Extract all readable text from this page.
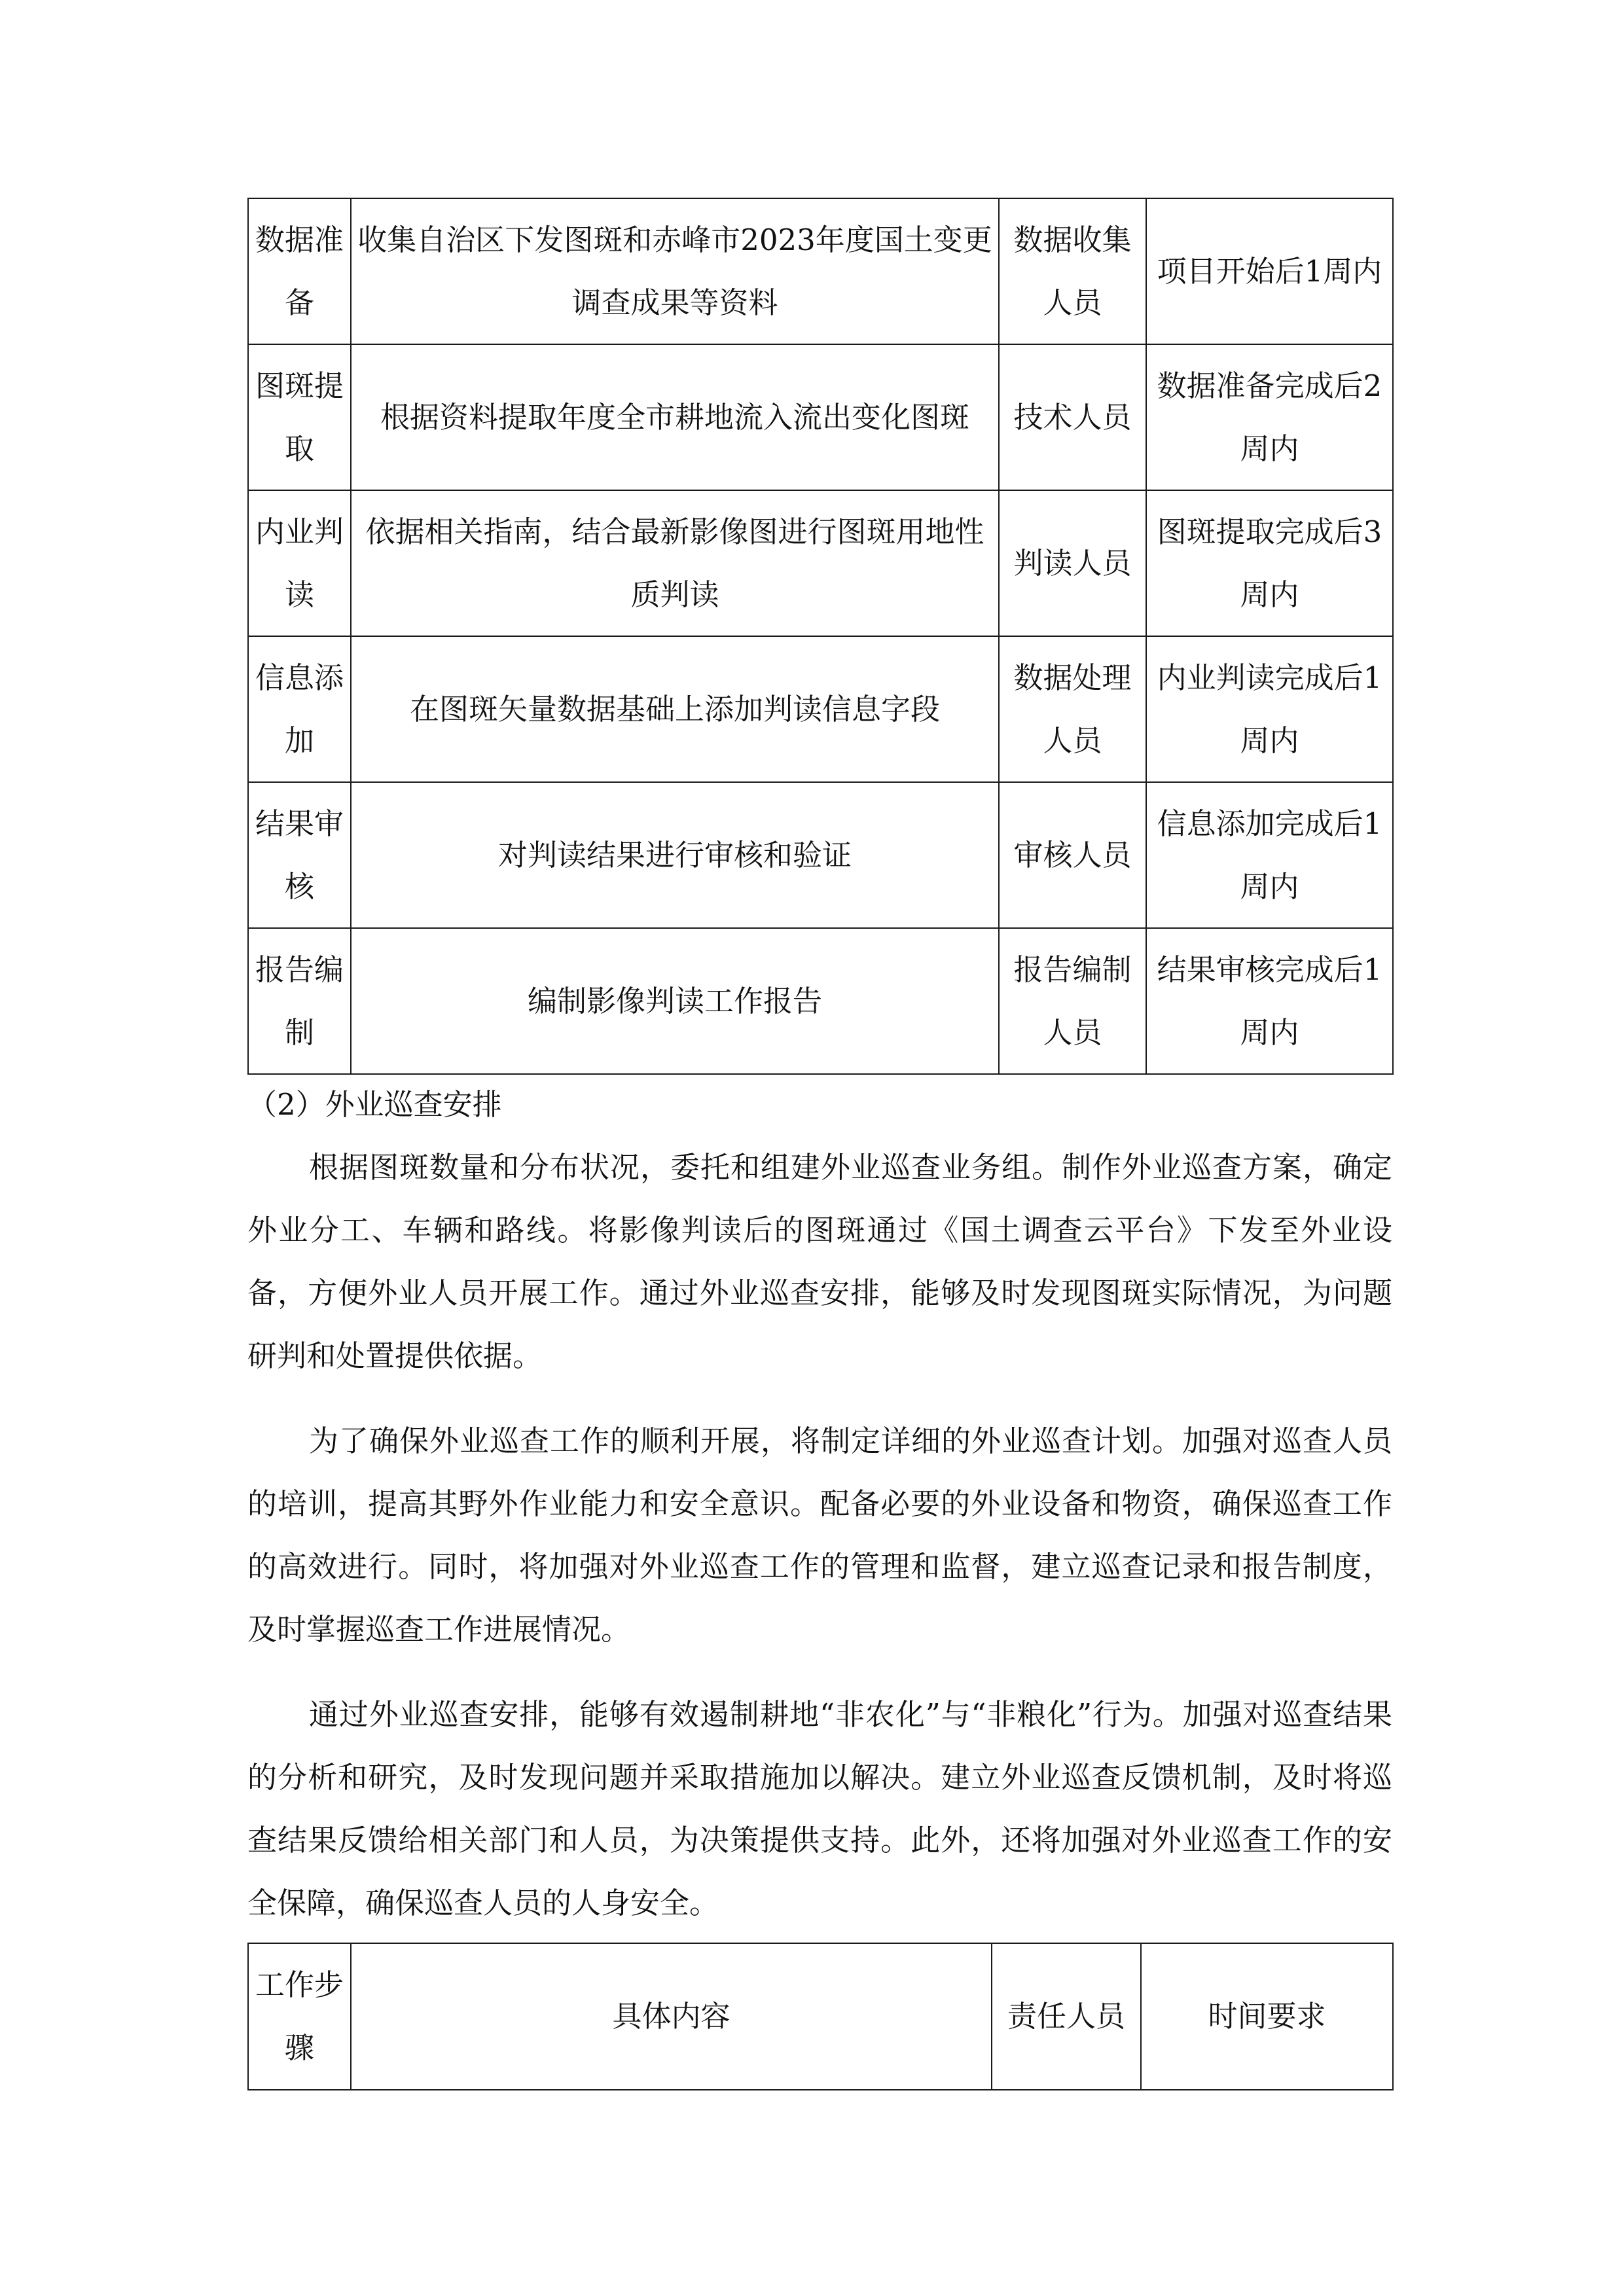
数据准备	收集自治区下发图斑和赤峰市2023年度国土变更调查成果等资料	数据收集人员	项目开始后1周内
图斑提取	根据资料提取年度全市耕地流入流出变化图斑	技术人员	数据准备完成后2周内
内业判读	依据相关指南，结合最新影像图进行图斑用地性质判读	判读人员	图斑提取完成后3周内
信息添加	在图斑矢量数据基础上添加判读信息字段	数据处理人员	内业判读完成后1周内
结果审核	对判读结果进行审核和验证	审核人员	信息添加完成后1周内
报告编制	编制影像判读工作报告	报告编制人员	结果审核完成后1周内
（2）外业巡查安排

根据图斑数量和分布状况，委托和组建外业巡查业务组。制作外业巡查方案，确定外业分工、车辆和路线。将影像判读后的图斑通过《国土调查云平台》下发至外业设备，方便外业人员开展工作。通过外业巡查安排，能够及时发现图斑实际情况，为问题研判和处置提供依据。

为了确保外业巡查工作的顺利开展，将制定详细的外业巡查计划。加强对巡查人员的培训，提高其野外作业能力和安全意识。配备必要的外业设备和物资，确保巡查工作的高效进行。同时，将加强对外业巡查工作的管理和监督，建立巡查记录和报告制度，及时掌握巡查工作进展情况。

通过外业巡查安排，能够有效遏制耕地“非农化”与“非粮化”行为。加强对巡查结果的分析和研究，及时发现问题并采取措施加以解决。建立外业巡查反馈机制，及时将巡查结果反馈给相关部门和人员，为决策提供支持。此外，还将加强对外业巡查工作的安全保障，确保巡查人员的人身安全。

工作步骤	具体内容	责任人员	时间要求
